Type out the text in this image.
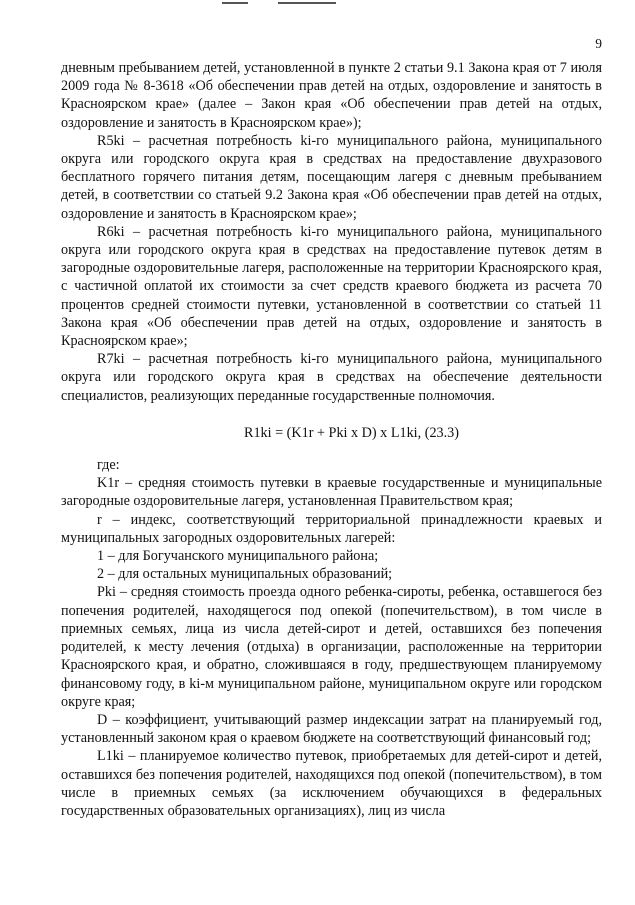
9

дневным пребыванием детей, установленной в пункте 2 статьи 9.1 Закона края от 7 июля 2009 года № 8-3618 «Об обеспечении прав детей на отдых, оздоровление и занятость в Красноярском крае» (далее – Закон края «Об обеспечении прав детей на отдых, оздоровление и занятость в Красноярском крае»);

R5ki – расчетная потребность ki-го муниципального района, муниципального округа или городского округа края в средствах на предоставление двухразового бесплатного горячего питания детям, посещающим лагеря с дневным пребыванием детей, в соответствии со статьей 9.2 Закона края «Об обеспечении прав детей на отдых, оздоровление и занятость в Красноярском крае»;

R6ki – расчетная потребность ki-го муниципального района, муниципального округа или городского округа края в средствах на предоставление путевок детям в загородные оздоровительные лагеря, расположенные на территории Красноярского края, с частичной оплатой их стоимости за счет средств краевого бюджета из расчета 70 процентов средней стоимости путевки, установленной в соответствии со статьей 11 Закона края «Об обеспечении прав детей на отдых, оздоровление и занятость в Красноярском крае»;

R7ki – расчетная потребность ki-го муниципального района, муниципального округа или городского округа края в средствах на обеспечение деятельности специалистов, реализующих переданные государственные полномочия.

R1ki = (K1r + Pki x D) x L1ki, (23.3)

где:

K1r – средняя стоимость путевки в краевые государственные и муниципальные загородные оздоровительные лагеря, установленная Правительством края;

r – индекс, соответствующий территориальной принадлежности краевых и муниципальных загородных оздоровительных лагерей:

1 – для Богучанского муниципального района;

2 – для остальных муниципальных образований;

Pki – средняя стоимость проезда одного ребенка-сироты, ребенка, оставшегося без попечения родителей, находящегося под опекой (попечительством), в том числе в приемных семьях, лица из числа детей-сирот и детей, оставшихся без попечения родителей, к месту лечения (отдыха) в организации, расположенные на территории Красноярского края, и обратно, сложившаяся в году, предшествующем планируемому финансовому году, в ki-м муниципальном районе, муниципальном округе или городском округе края;

D – коэффициент, учитывающий размер индексации затрат на планируемый год, установленный законом края о краевом бюджете на соответствующий финансовый год;

L1ki – планируемое количество путевок, приобретаемых для детей-сирот и детей, оставшихся без попечения родителей, находящихся под опекой (попечительством), в том числе в приемных семьях (за исключением обучающихся в федеральных государственных образовательных организациях), лиц из числа
